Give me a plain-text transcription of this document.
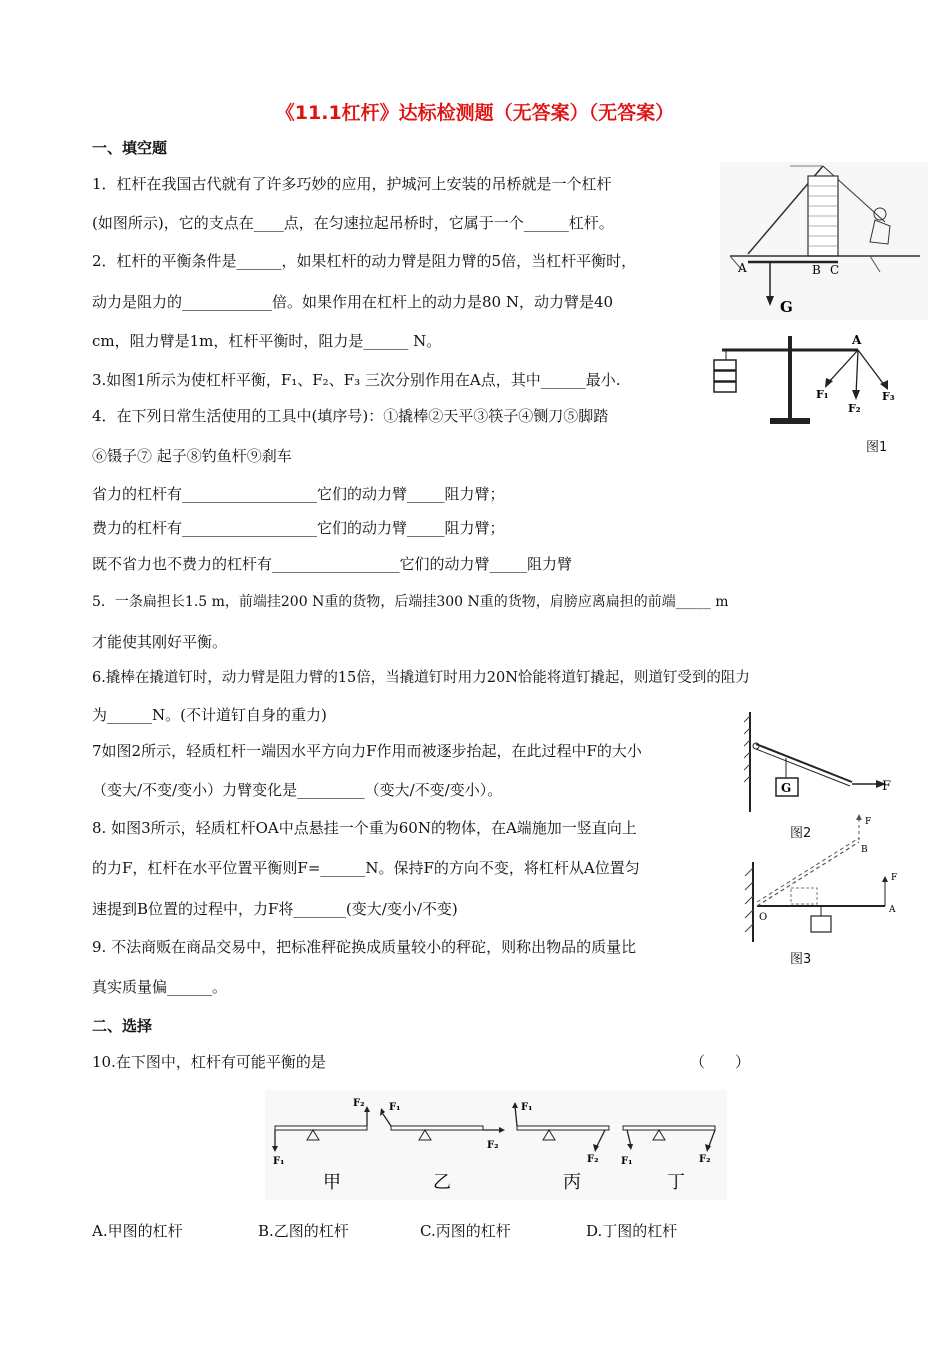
《11.1杠杆》达标检测题（无答案）（无答案）
一、填空题
1．杠杆在我国古代就有了许多巧妙的应用，护城河上安装的吊桥就是一个杠杆
(如图所示)，它的支点在____点，在匀速拉起吊桥时，它属于一个______杠杆。
2．杠杆的平衡条件是______，如果杠杆的动力臂是阻力臂的5倍，当杠杆平衡时，
动力是阻力的____________倍。如果作用在杠杆上的动力是80 N，动力臂是40
cm，阻力臂是1m，杠杆平衡时，阻力是______ N。
3.如图1所示为使杠杆平衡，F₁、F₂、F₃ 三次分别作用在A点，其中______最小.
4．在下列日常生活使用的工具中(填序号)：①撬棒②天平③筷子④铡刀⑤脚踏
⑥镊子⑦ 起子⑧钓鱼杆⑨刹车
省力的杠杆有__________________它们的动力臂_____阻力臂；
费力的杠杆有__________________它们的动力臂_____阻力臂；
既不省力也不费力的杠杆有_________________它们的动力臂_____阻力臂
5．一条扁担长1.5 m，前端挂200 N重的货物，后端挂300 N重的货物，肩膀应离扁担的前端_____ m
才能使其刚好平衡。
6.撬棒在撬道钉时，动力臂是阻力臂的15倍，当撬道钉时用力20N恰能将道钉撬起，则道钉受到的阻力
为______N。(不计道钉自身的重力)
7如图2所示，轻质杠杆一端因水平方向力F作用而被逐步抬起，在此过程中F的大小
（变大/不变/变小）力臂变化是_________（变大/不变/变小）。
8. 如图3所示，轻质杠杆OA中点悬挂一个重为60N的物体，在A端施加一竖直向上
的力F，杠杆在水平位置平衡则F=______N。保持F的方向不变，将杠杆从A位置匀
速提到B位置的过程中，力F将_______(变大/变小/不变)
9. 不法商贩在商品交易中，把标准秤砣换成质量较小的秤砣，则称出物品的质量比
真实质量偏______。
二、选择
10.在下图中，杠杆有可能平衡的是	（　　）
A	B C
G
A
F₁
F₂
F₃
图1
G	F
图2
O
A
B
F
F
图3
F₁
F₂
甲
F₁
F₂
乙
F₁
F₂
丙
F₁	F₂
丁
A.甲图的杠杆	B.乙图的杠杆	C.丙图的杠杆	D.丁图的杠杆
